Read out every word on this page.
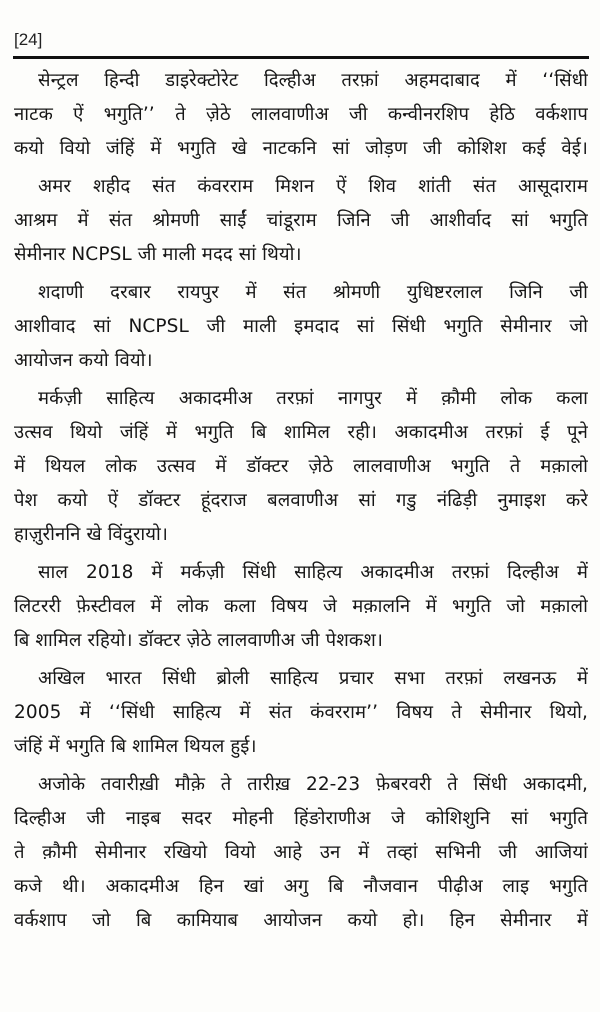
[24]
सेन्ट्रल हिन्दी डाइरेक्टोरेट दिल्हीअ तरफ़ां अहमदाबाद में ‘‘सिंधी
नाटक ऐं भगुति’’ ते ज़ेठे लालवाणीअ जी कन्वीनरशिप हेठि वर्कशाप
कयो वियो जंहिं में भगुति खे नाटकनि सां जोड़ण जी कोशिश कई वेई।
अमर शहीद संत कंवरराम मिशन ऐं शिव शांती संत आसूदाराम
आश्रम में संत श्रोमणी साईं चांडूराम जिनि जी आशीर्वाद सां भगुति
सेमीनार NCPSL जी माली मदद सां थियो।
शदाणी दरबार रायपुर में संत श्रोमणी युधिष्टरलाल जिनि जी
आशीवाद सां NCPSL जी माली इमदाद सां सिंधी भगुति सेमीनार जो
आयोजन कयो वियो।
मर्कज़ी साहित्य अकादमीअ तरफ़ां नागपुर में क़ौमी लोक कला
उत्सव थियो जंहिं में भगुति बि शामिल रही। अकादमीअ तरफ़ां ई पूने
में थियल लोक उत्सव में डॉक्टर ज़ेठे लालवाणीअ भगुति ते मक़ालो
पेश कयो ऐं डॉक्टर हूंदराज बलवाणीअ सां गडु नंढिड़ी नुमाइश करे
हाज़ुरीननि खे विंदुरायो।
साल 2018 में मर्कज़ी सिंधी साहित्य अकादमीअ तरफ़ां दिल्हीअ में
लिटररी फ़ेस्टीवल में लोक कला विषय जे मक़ालनि में भगुति जो मक़ालो
बि शामिल रहियो। डॉक्टर ज़ेठे लालवाणीअ जी पेशकश।
अखिल भारत सिंधी ब्रोली साहित्य प्रचार सभा तरफ़ां लखनऊ में
2005 में ‘‘सिंधी साहित्य में संत कंवरराम’’ विषय ते सेमीनार थियो,
जंहिं में भगुति बि शामिल थियल हुई।
अजोके तवारीख़ी मौक़े ते तारीख़ 22-23 फ़ेबरवरी ते सिंधी अकादमी,
दिल्हीअ जी नाइब सदर मोहनी हिंङोराणीअ जे कोशिशुनि सां भगुति
ते क़ौमी सेमीनार रखियो वियो आहे उन में तव्हां सभिनी जी आजियां
कजे थी। अकादमीअ हिन खां अगु बि नौजवान पीढ़ीअ लाइ भगुति
वर्कशाप जो बि कामियाब आयोजन कयो हो। हिन सेमीनार में
